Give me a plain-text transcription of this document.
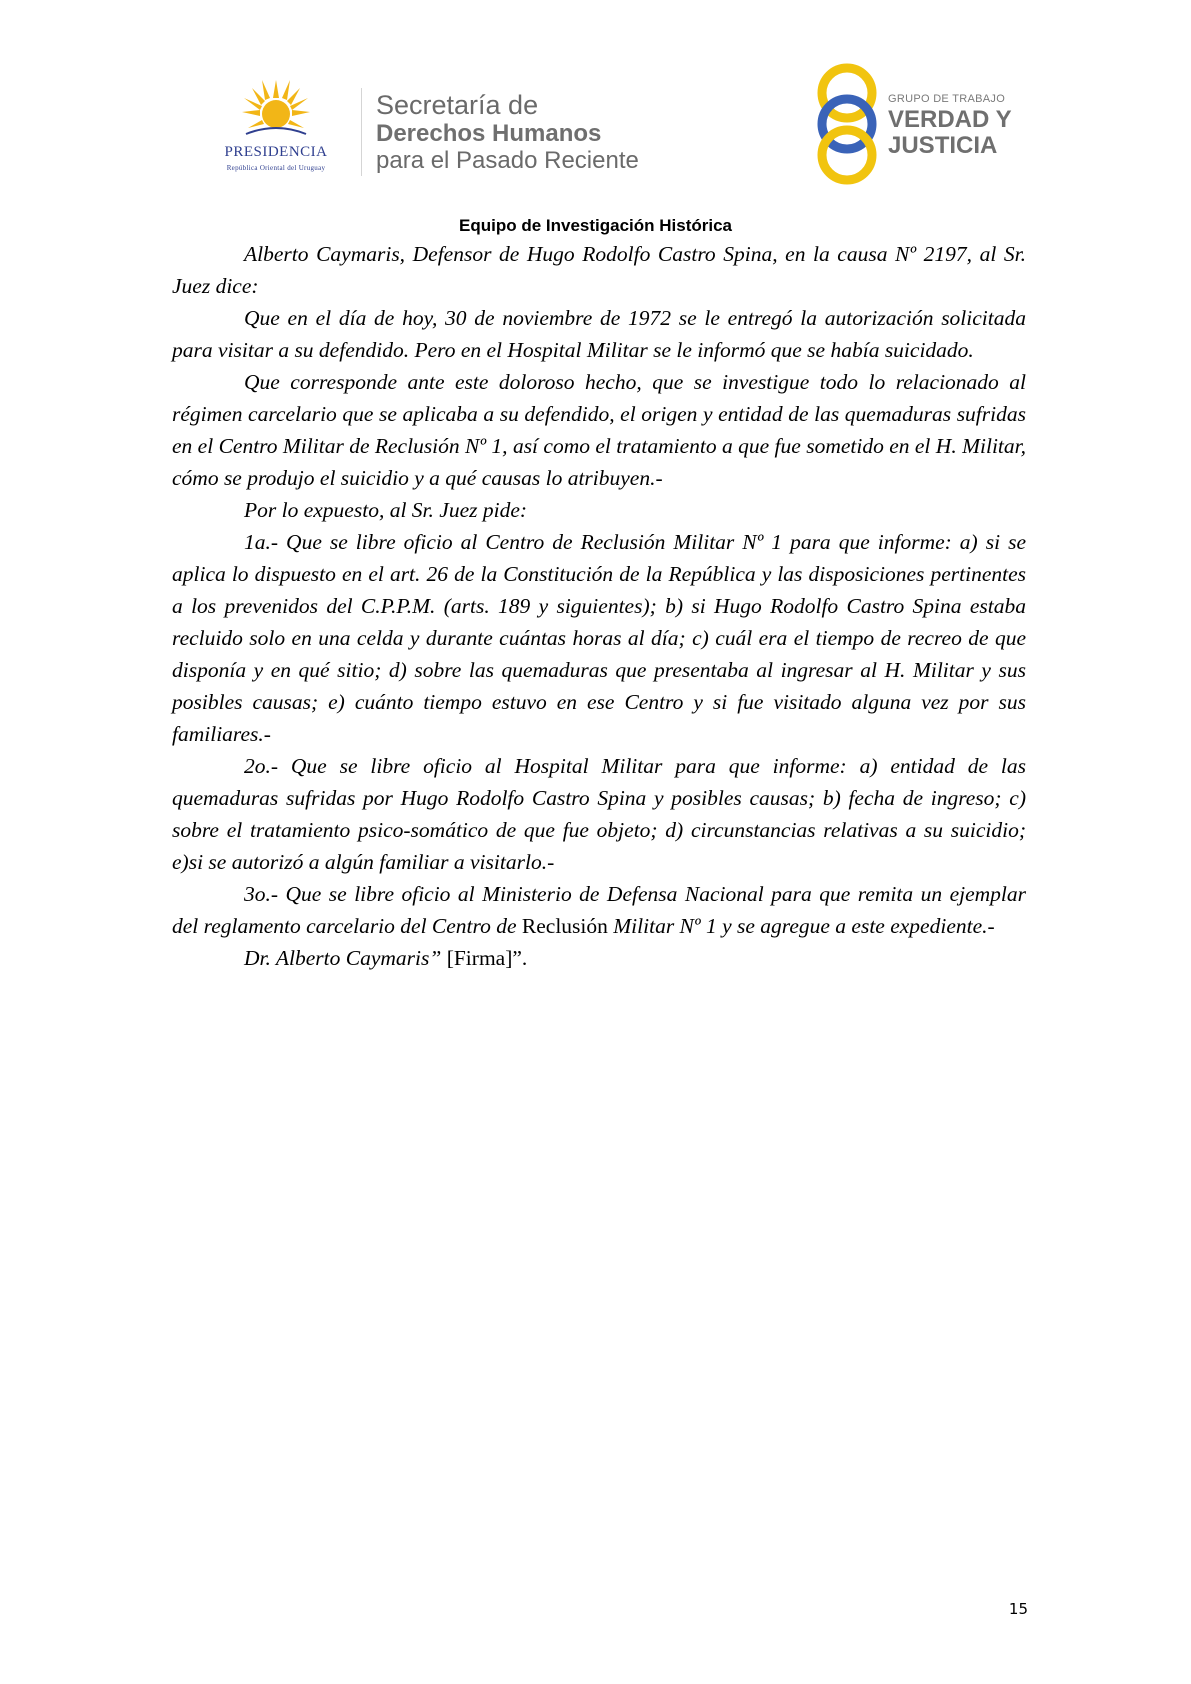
PRESIDENCIA
República Oriental del Uruguay
Secretaría de
Derechos Humanos
para el Pasado Reciente
GRUPO DE TRABAJO
VERDAD Y
JUSTICIA
Equipo de Investigación Histórica

Alberto Caymaris, Defensor de Hugo Rodolfo Castro Spina, en la causa Nº 2197, al Sr. Juez dice:

Que en el día de hoy, 30 de noviembre de 1972 se le entregó la autorización solicitada para visitar a su defendido. Pero en el Hospital Militar se le informó que se había suicidado.

Que corresponde ante este doloroso hecho, que se investigue todo lo relacionado al régimen carcelario que se aplicaba a su defendido, el origen y entidad de las quemaduras sufridas en el Centro Militar de Reclusión Nº 1, así como el tratamiento a que fue sometido en el H. Militar, cómo se produjo el suicidio y a qué causas lo atribuyen.-

Por lo expuesto, al Sr. Juez pide:

1a.- Que se libre oficio al Centro de Reclusión Militar Nº 1 para que informe: a) si se aplica lo dispuesto en el art. 26 de la Constitución de la República y las disposiciones pertinentes a los prevenidos del C.P.P.M. (arts. 189 y siguientes); b) si Hugo Rodolfo Castro Spina estaba recluido solo en una celda y durante cuántas horas al día; c) cuál era el tiempo de recreo de que disponía y en qué sitio; d) sobre las quemaduras que presentaba al ingresar al H. Militar y sus posibles causas; e) cuánto tiempo estuvo en ese Centro y si fue visitado alguna vez por sus familiares.-

2o.- Que se libre oficio al Hospital Militar para que informe: a) entidad de las quemaduras sufridas por Hugo Rodolfo Castro Spina y posibles causas; b) fecha de ingreso; c) sobre el tratamiento psico-somático de que fue objeto; d) circunstancias relativas a su suicidio; e)si se autorizó a algún familiar a visitarlo.-

3o.- Que se libre oficio al Ministerio de Defensa Nacional para que remita un ejemplar del reglamento carcelario del Centro de Reclusión Militar Nº 1 y se agregue a este expediente.-

Dr. Alberto Caymaris” [Firma]”.

15
